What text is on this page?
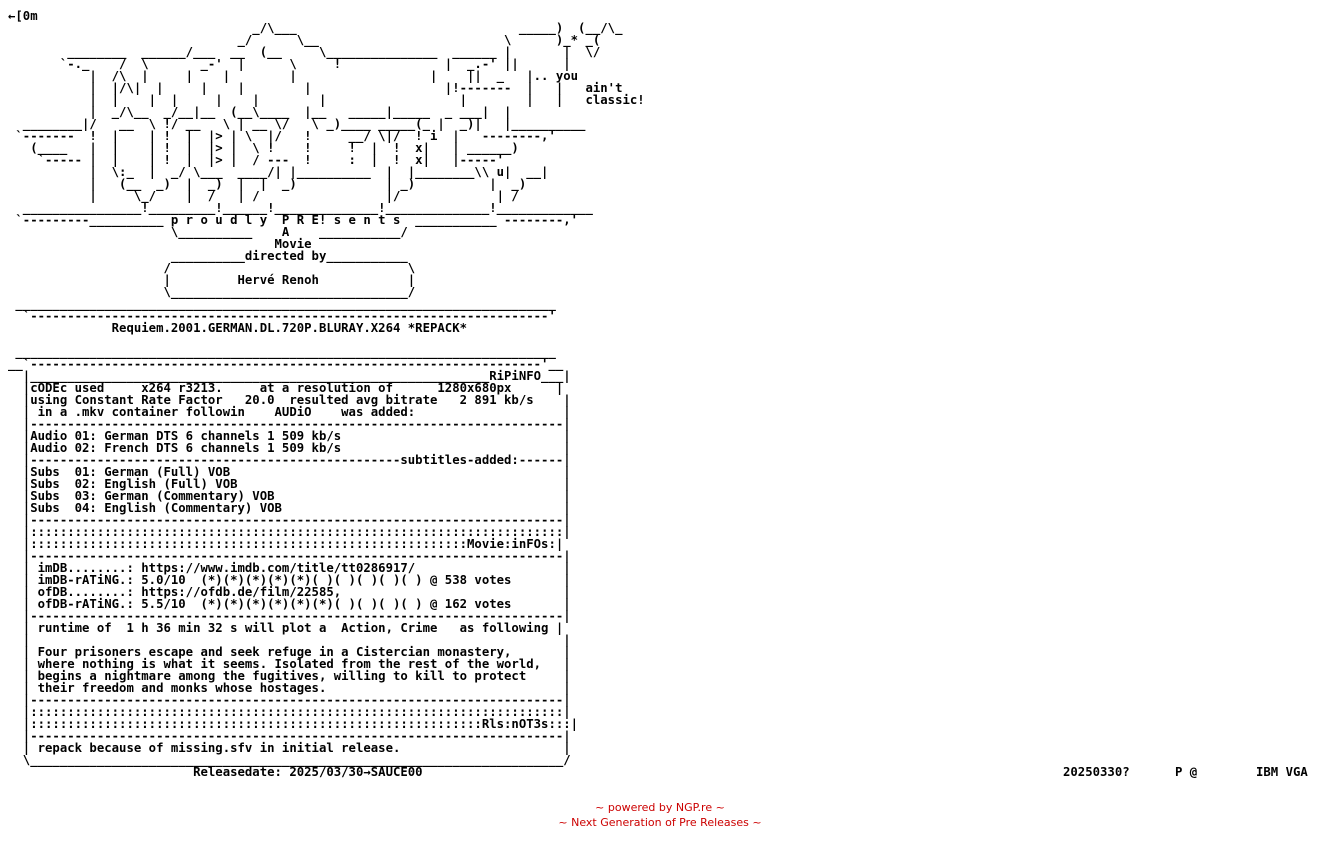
←[0m
_/\___                              _____)  (__/\_
_/      \__                         \      )_* _(
________  ______/___  __  (__     \_______________  ______ |       |  \/
`-._    /  \       _-'  |      \     !              |  _.-' ||      |
|  /\  |     |    |        |                  |    ||  _   |.. you
|  |/\|  |     |    |        |                  |!-------  |   |   ain't
|  |    |  |     |    |        |                  |        |   |   classic!
|  _/\__  _/__|__  (__\____  |__   _____|_____  _ ___|  |
________|/   __  \ !/ __   \ | __ \/   \ _)____ _____(_ |  _)|   |__________
`-------  !  |    | !  |  |> | \  |/   !     __/ \|/  ! i  |   --------,'
(____   |  |    | !  |  |> |  \ !    !     !  |  !  x|   | ______)
`----- |  |    | !  |  |> |  / ---  !     :  |  !  x|   |-----'
|  \:_  |  _/ \___  ____/| |__________  |  |________\\ u|  __|
|   (__  _)  |  _)  |  |  _)            | _)          |  _)
|     \_/    |  /   | /                 |/             | /
________________!_________!______!______________!______________!_____________
`---------__________ p r o u d l y  P R E! s e n t s  ___________ --------,'
\__________    A    ___________/
Movie
__________directed by___________
/                                \
|         Hervé Renoh            |
\________________________________/
_________________________________________________________________________
`----------------------------------------------------------------------'
Requiem.2001.GERMAN.DL.720P.BLURAY.X264 *REPACK*

_________________________________________________________________________
__`---------------------------------------------------------------------'__
|______________________________________________________________RiPiNFO___|
|cODEc used     x264 r3213.     at a resolution of      1280x680px      |
|using Constant Rate Factor   20.0  resulted avg bitrate   2 891 kb/s    |
| in a .mkv container followin    AUDiO    was added:                    |
|------------------------------------------------------------------------|
|Audio 01: German DTS 6 channels 1 509 kb/s                              |
|Audio 02: French DTS 6 channels 1 509 kb/s                              |
|--------------------------------------------------subtitles-added:------|
|Subs  01: German (Full) VOB                                             |
|Subs  02: English (Full) VOB                                            |
|Subs  03: German (Commentary) VOB                                       |
|Subs  04: English (Commentary) VOB                                      |
|------------------------------------------------------------------------|
|::::::::::::::::::::::::::::::::::::::::::::::::::::::::::::::::::::::::|
|:::::::::::::::::::::::::::::::::::::::::::::::::::::::::::Movie:inFOs:|
|------------------------------------------------------------------------|
| imDB........: https://www.imdb.com/title/tt0286917/                    |
| imDB-rATiNG.: 5.0/10  (*)(*)(*)(*)(*)( )( )( )( )( ) @ 538 votes       |
| ofDB........: https://ofdb.de/film/22585,                              |
| ofDB-rATiNG.: 5.5/10  (*)(*)(*)(*)(*)(*)( )( )( )( ) @ 162 votes       |
|------------------------------------------------------------------------|
| runtime of  1 h 36 min 32 s will plot a  Action, Crime   as following |
|                                                                        |
| Four prisoners escape and seek refuge in a Cistercian monastery,       |
| where nothing is what it seems. Isolated from the rest of the world,   |
| begins a nightmare among the fugitives, willing to kill to protect     |
| their freedom and monks whose hostages.                                |
|------------------------------------------------------------------------|
|::::::::::::::::::::::::::::::::::::::::::::::::::::::::::::::::::::::::|
|:::::::::::::::::::::::::::::::::::::::::::::::::::::::::::::Rls:nOT3s:::|
|------------------------------------------------------------------------|
| repack because of missing.sfv in initial release.                      |
\________________________________________________________________________/
Releasedate: 2025/03/30→SAUCE00	20250330?	P @	IBM VGA
~ powered by NGP.re ~
~ Next Generation of Pre Releases ~
